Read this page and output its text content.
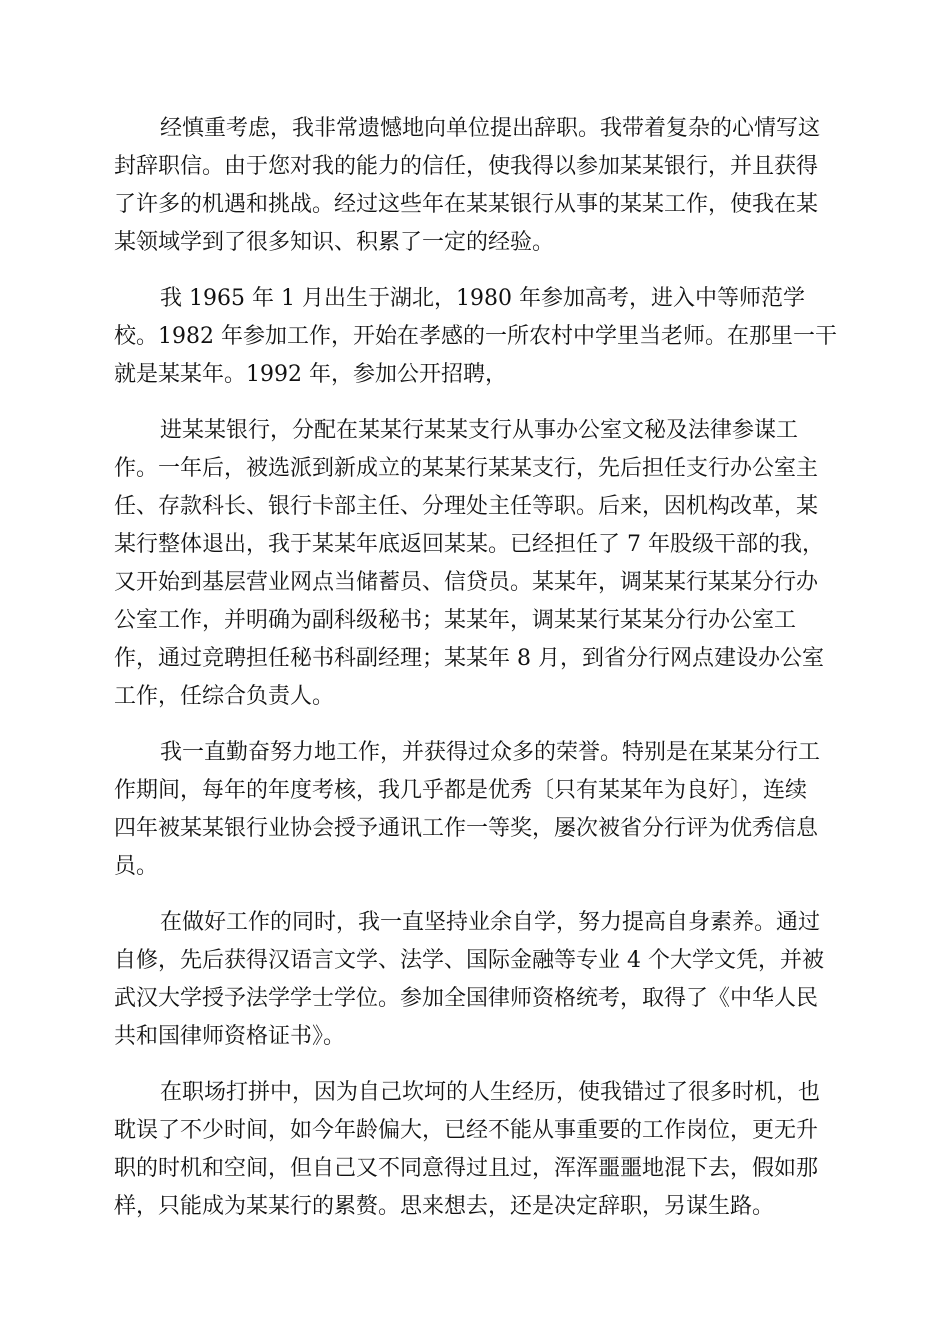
经慎重考虑，我非常遗憾地向单位提出辞职。我带着复杂的心情写这
封辞职信。由于您对我的能力的信任，使我得以参加某某银行，并且获得
了许多的机遇和挑战。经过这些年在某某银行从事的某某工作，使我在某
某领域学到了很多知识、积累了一定的经验。
我 1965 年 1 月出生于湖北，1980 年参加高考，进入中等师范学
校。1982 年参加工作，开始在孝感的一所农村中学里当老师。在那里一干
就是某某年。1992 年，参加公开招聘，
进某某银行，分配在某某行某某支行从事办公室文秘及法律参谋工
作。一年后，被选派到新成立的某某行某某支行，先后担任支行办公室主
任、存款科长、银行卡部主任、分理处主任等职。后来，因机构改革，某
某行整体退出，我于某某年底返回某某。已经担任了 7 年股级干部的我，
又开始到基层营业网点当储蓄员、信贷员。某某年，调某某行某某分行办
公室工作，并明确为副科级秘书；某某年，调某某行某某分行办公室工
作，通过竞聘担任秘书科副经理；某某年 8 月，到省分行网点建设办公室
工作，任综合负责人。
我一直勤奋努力地工作，并获得过众多的荣誉。特别是在某某分行工
作期间，每年的年度考核，我几乎都是优秀〔只有某某年为良好〕，连续
四年被某某银行业协会授予通讯工作一等奖，屡次被省分行评为优秀信息
员。
在做好工作的同时，我一直坚持业余自学，努力提高自身素养。通过
自修，先后获得汉语言文学、法学、国际金融等专业 4 个大学文凭，并被
武汉大学授予法学学士学位。参加全国律师资格统考，取得了《中华人民
共和国律师资格证书》。
在职场打拼中，因为自己坎坷的人生经历，使我错过了很多时机，也
耽误了不少时间，如今年龄偏大，已经不能从事重要的工作岗位，更无升
职的时机和空间，但自己又不同意得过且过，浑浑噩噩地混下去，假如那
样，只能成为某某行的累赘。思来想去，还是决定辞职，另谋生路。
